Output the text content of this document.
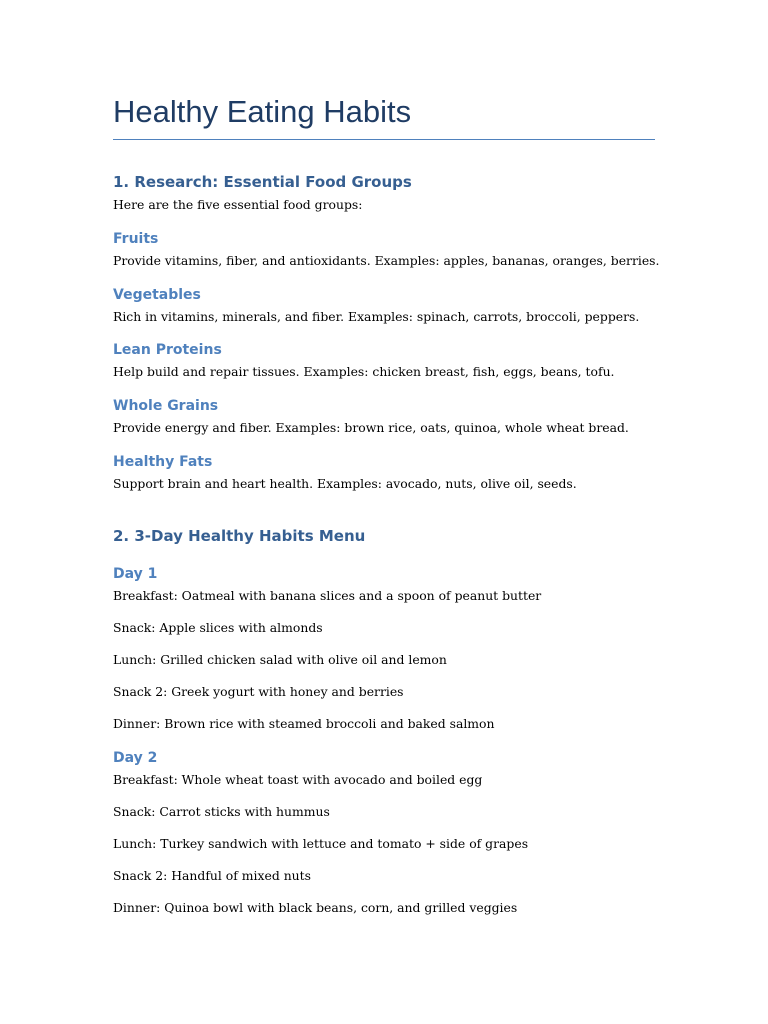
Healthy Eating Habits
1. Research: Essential Food Groups

Here are the five essential food groups:

Fruits

Provide vitamins, fiber, and antioxidants. Examples: apples, bananas, oranges, berries.

Vegetables

Rich in vitamins, minerals, and fiber. Examples: spinach, carrots, broccoli, peppers.

Lean Proteins

Help build and repair tissues. Examples: chicken breast, fish, eggs, beans, tofu.

Whole Grains

Provide energy and fiber. Examples: brown rice, oats, quinoa, whole wheat bread.

Healthy Fats

Support brain and heart health. Examples: avocado, nuts, olive oil, seeds.

2. 3-Day Healthy Habits Menu
Day 1

Breakfast: Oatmeal with banana slices and a spoon of peanut butter

Snack: Apple slices with almonds

Lunch: Grilled chicken salad with olive oil and lemon

Snack 2: Greek yogurt with honey and berries

Dinner: Brown rice with steamed broccoli and baked salmon

Day 2

Breakfast: Whole wheat toast with avocado and boiled egg

Snack: Carrot sticks with hummus

Lunch: Turkey sandwich with lettuce and tomato + side of grapes

Snack 2: Handful of mixed nuts

Dinner: Quinoa bowl with black beans, corn, and grilled veggies
